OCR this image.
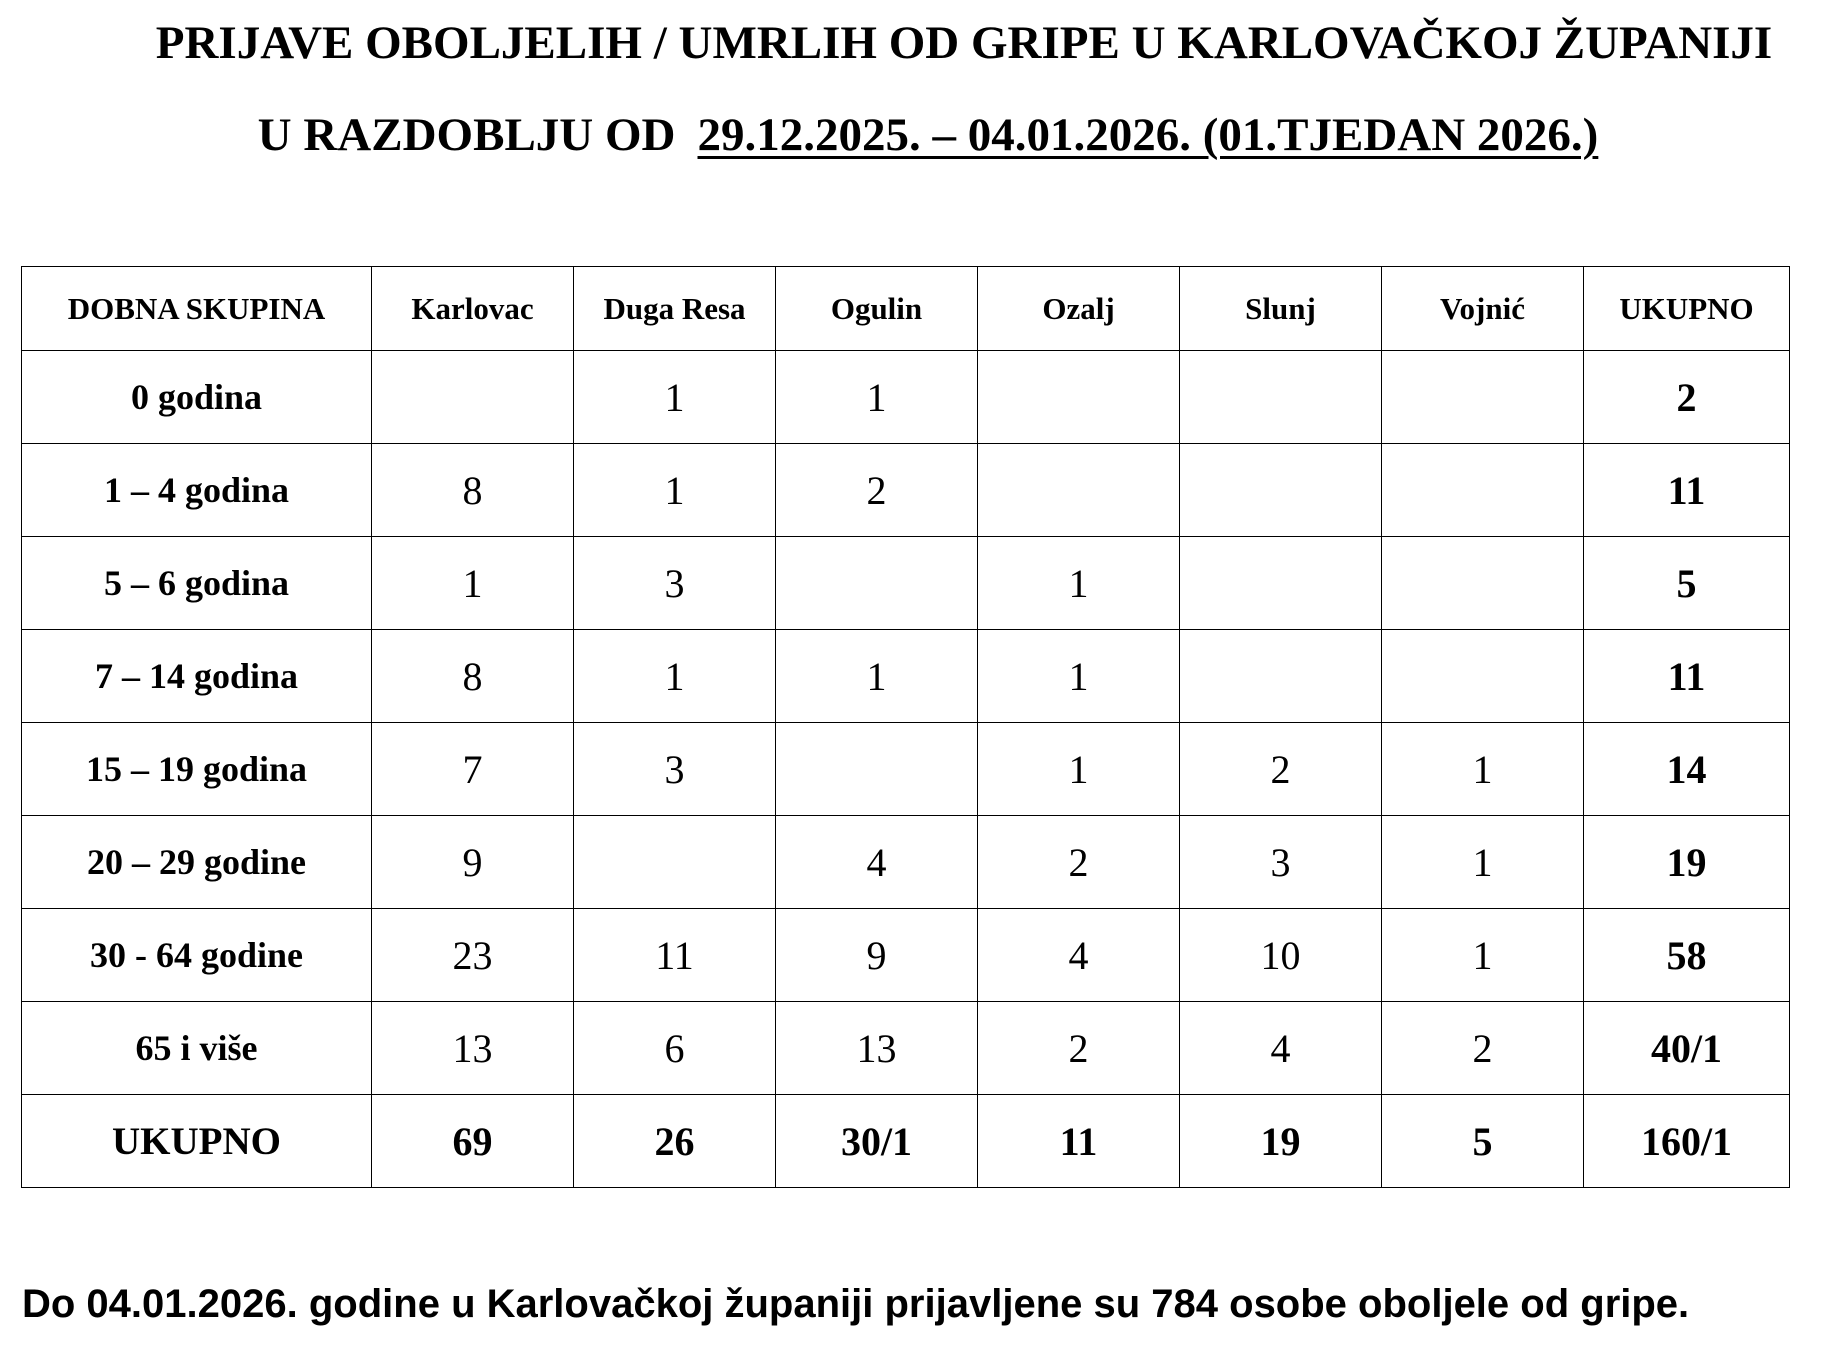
PRIJAVE OBOLJELIH / UMRLIH OD GRIPE U KARLOVAČKOJ ŽUPANIJI
U RAZDOBLJU OD 29.12.2025. – 04.01.2026. (01.TJEDAN 2026.)
DOBNA SKUPINA	Karlovac	Duga Resa	Ogulin	Ozalj	Slunj	Vojnić	UKUPNO
0 godina		1	1				2
1 – 4 godina	8	1	2				11
5 – 6 godina	1	3		1			5
7 – 14 godina	8	1	1	1			11
15 – 19 godina	7	3		1	2	1	14
20 – 29 godine	9		4	2	3	1	19
30 - 64 godine	23	11	9	4	10	1	58
65 i više	13	6	13	2	4	2	40/1
UKUPNO	69	26	30/1	11	19	5	160/1

Do 04.01.2026. godine u Karlovačkoj županiji prijavljene su 784 osobe oboljele od gripe.
